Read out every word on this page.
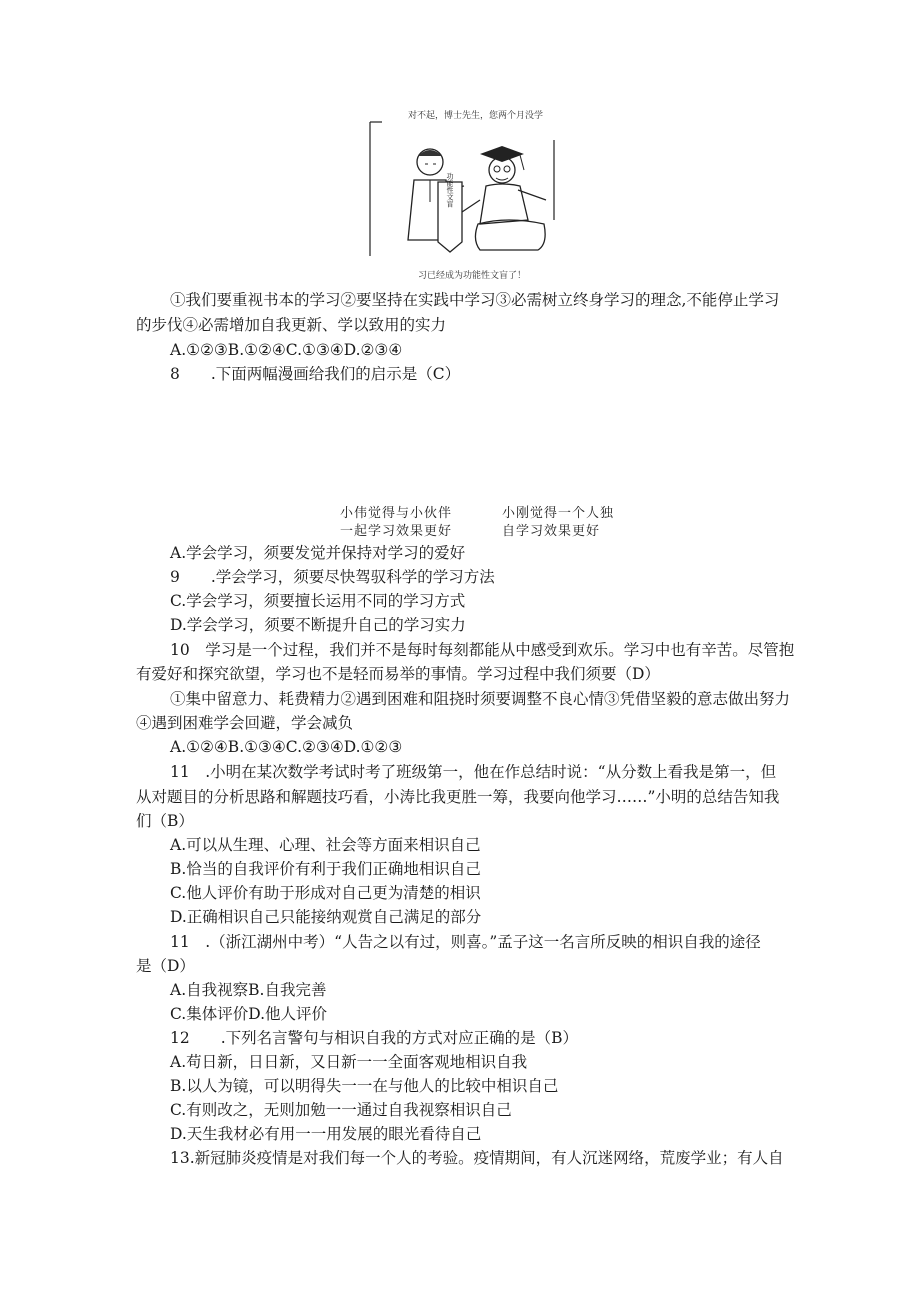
对不起，博士先生，您两个月没学
功能性文盲
习已经成为功能性文盲了！
①我们要重视书本的学习②要坚持在实践中学习③必需树立终身学习的理念,不能停止学习
的步伐④必需增加自我更新、学以致用的实力
A.①②③B.①②④C.①③④D.②③④
8　　.下面两幅漫画给我们的启示是（C）
小伟觉得与小伙伴
一起学习效果更好
小刚觉得一个人独
自学习效果更好
A.学会学习，须要发觉并保持对学习的爱好
9　　.学会学习，须要尽快驾驭科学的学习方法
C.学会学习，须要擅长运用不同的学习方式
D.学会学习，须要不断提升自己的学习实力
10　学习是一个过程，我们并不是每时每刻都能从中感受到欢乐。学习中也有辛苦。尽管抱
有爱好和探究欲望，学习也不是轻而易举的事情。学习过程中我们须要（D）
①集中留意力、耗费精力②遇到困难和阻挠时须要调整不良心情③凭借坚毅的意志做出努力
④遇到困难学会回避，学会减负
A.①②④B.①③④C.②③④D.①②③
11　.小明在某次数学考试时考了班级第一，他在作总结时说：“从分数上看我是第一，但
从对题目的分析思路和解题技巧看，小涛比我更胜一筹，我要向他学习……”小明的总结告知我
们（B）
A.可以从生理、心理、社会等方面来相识自己
B.恰当的自我评价有利于我们正确地相识自己
C.他人评价有助于形成对自己更为清楚的相识
D.正确相识自己只能接纳观赏自己满足的部分
11　.（浙江湖州中考）“人告之以有过，则喜。”孟子这一名言所反映的相识自我的途径
是（D）
A.自我视察B.自我完善
C.集体评价D.他人评价
12　　.下列名言警句与相识自我的方式对应正确的是（B）
A.苟日新，日日新，又日新一一全面客观地相识自我
B.以人为镜，可以明得失一一在与他人的比较中相识自己
C.有则改之，无则加勉一一通过自我视察相识自己
D.天生我材必有用一一用发展的眼光看待自己
13.新冠肺炎疫情是对我们每一个人的考验。疫情期间，有人沉迷网络，荒废学业；有人自
